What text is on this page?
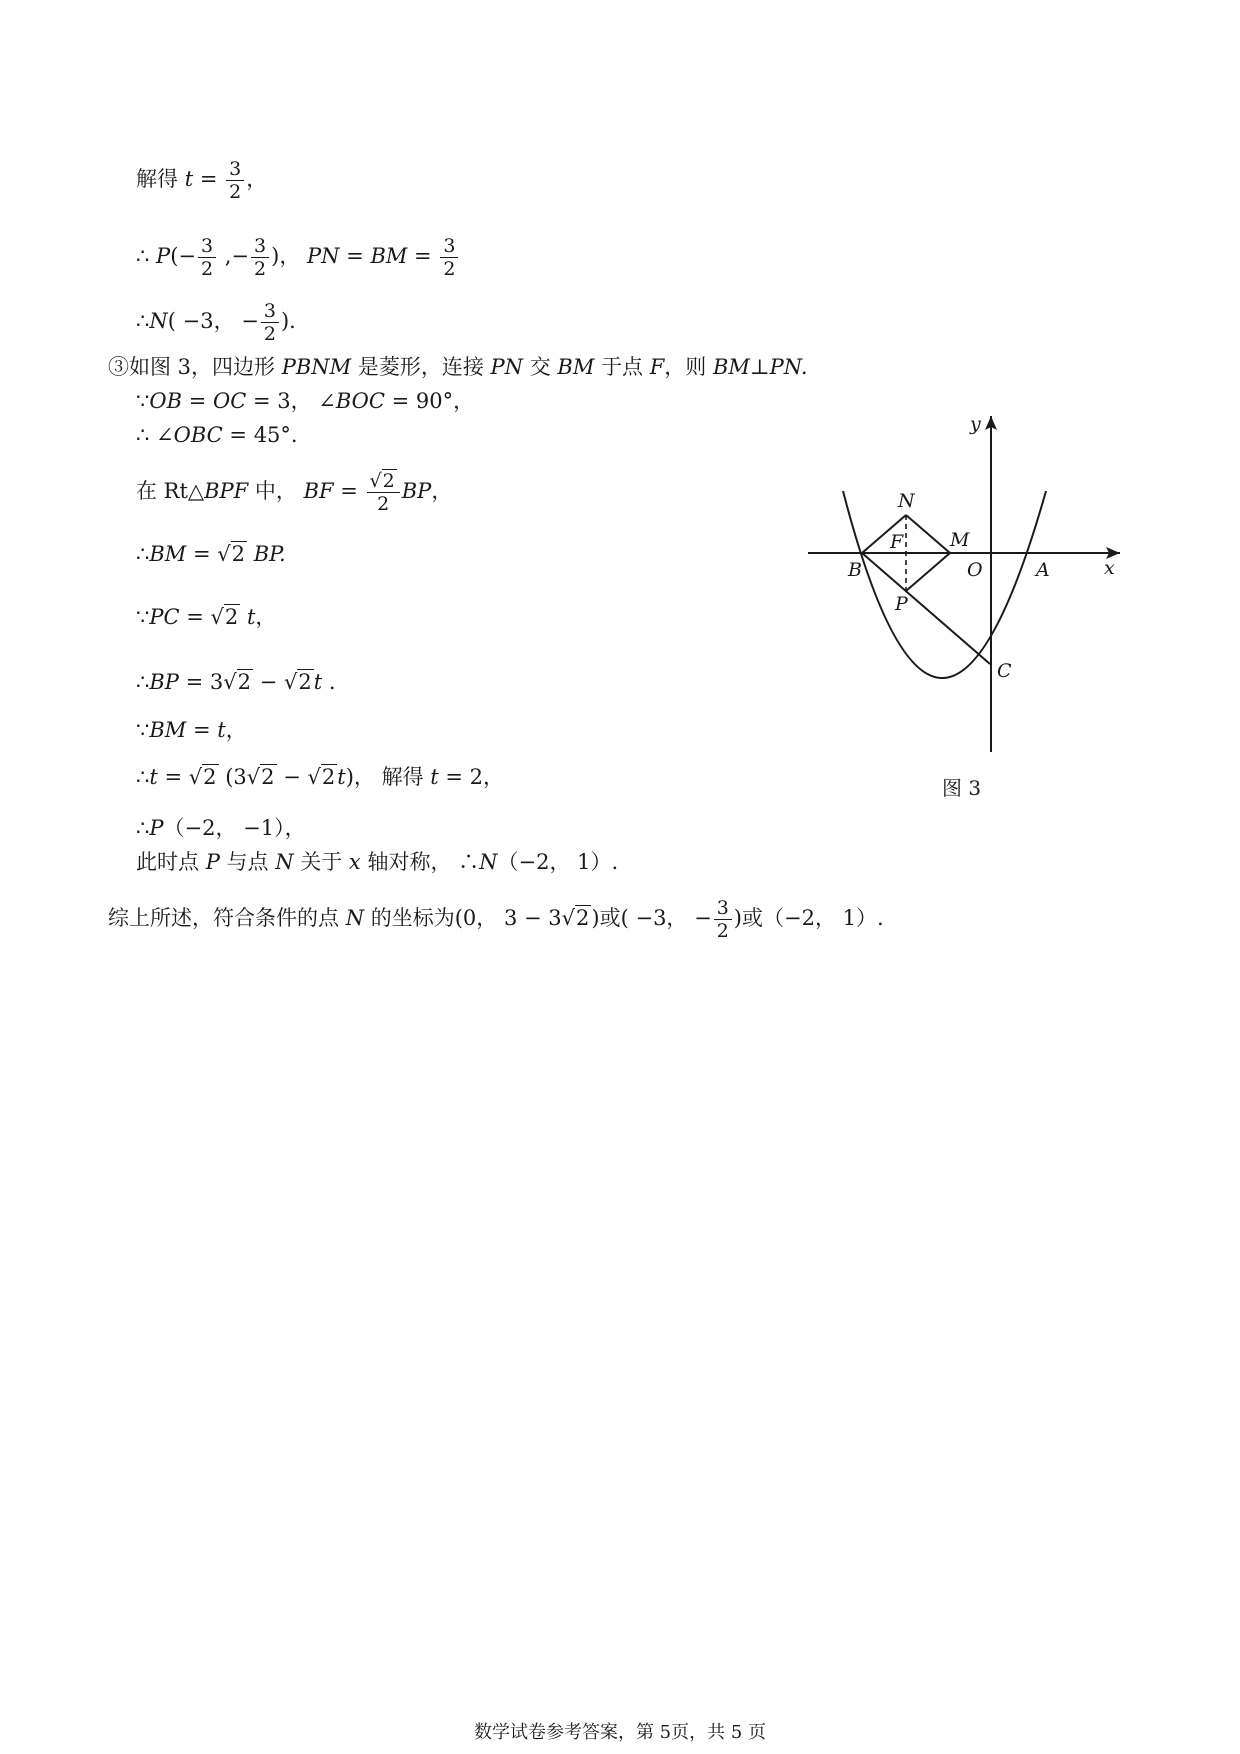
解得 $t = \frac{3}{2}$ ，
∴ $P(- \frac{3}{2}$ ,− $\frac{3}{2}$ )， PN = BM = $\frac{3}{2}$
∴N( −3， − $\frac{3}{2}$ ).
③如图 3，四边形 PBNM 是菱形，连接 PN 交 BM 于点 F，则 BM⊥PN.
∵OB = OC = 3， ∠BOC = 90°，
∴ ∠OBC = 45°.
在 Rt△BPF 中， BF = $\frac{√2}{2}$ BP，
∴BM = √2 BP.
∵PC = √2 t，
∴BP = 3√2 − √2t .
∵BM = t，
∴t = √2 (3√2 − √2t)， 解得 t = 2，
∴P（−2， −1），
此时点 P 与点 N 关于 x 轴对称， ∴N（−2， 1）.
综上所述，符合条件的点 N 的坐标为(0， 3 − 3√2)或( −3， − $\frac{3}{2}$ )或（−2， 1）.
y
x
N
F M
B	O	A
P
C
图 3
数学试卷参考答案，第 5页，共 5 页
